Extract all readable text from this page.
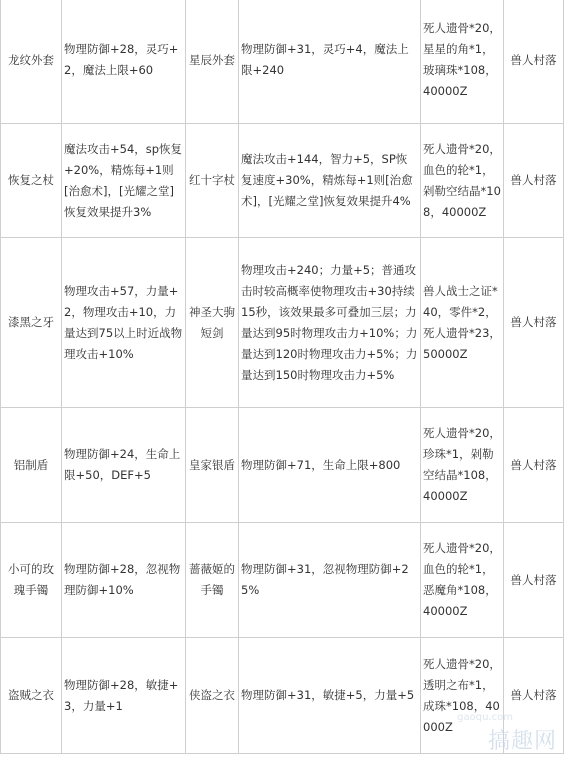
龙纹外套	物理防御+28，灵巧+2，魔法上限+60	星辰外套	物理防御+31，灵巧+4，魔法上限+240	死人遗骨*20，星星的角*1，玻璃珠*108，40000Z	兽人村落
恢复之杖	魔法攻击+54，sp恢复+20%，精炼每+1则[治愈术]，[光耀之堂]恢复效果提升3%	红十字杖	魔法攻击+144，智力+5，SP恢复速度+30%，精炼每+1则[治愈术]，[光耀之堂]恢复效果提升4%	死人遗骨*20，血色的轮*1，剁勒空结晶*108，40000Z	兽人村落
漆黑之牙	物理攻击+57，力量+2，物理攻击+10，力量达到75以上时近战物理攻击+10%	神圣大驹短剑	物理攻击+240；力量+5；普通攻击时较高概率使物理攻击+30持续15秒，该效果最多可叠加三层；力量达到95时物理攻击力+10%；力量达到120时物理攻击力+5%；力量达到150时物理攻击力+5%	兽人战士之证*40，零件*2，死人遗骨*23，50000Z	兽人村落
铝制盾	物理防御+24，生命上限+50，DEF+5	皇家银盾	物理防御+71，生命上限+800	死人遗骨*20，珍珠*1，剁勒空结晶*108，40000Z	兽人村落
小可的玫瑰手镯	物理防御+28，忽视物理防御+10%	蔷薇姬的手镯	物理防御+31，忽视物理防御+25%	死人遗骨*20，血色的轮*1，恶魔角*108，40000Z	兽人村落
盗贼之衣	物理防御+28，敏捷+3，力量+1	侠盗之衣	物理防御+31，敏捷+5，力量+5	死人遗骨*20，透明之布*1，成珠*108，40000Z	兽人村落
gaoqu.com
搞趣网
